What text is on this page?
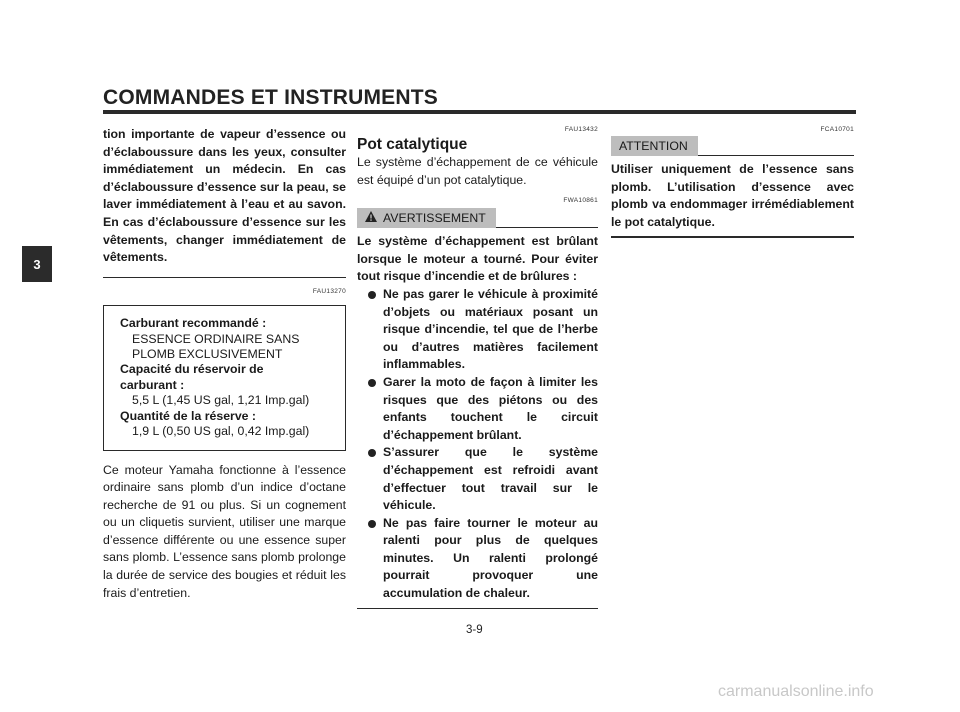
COMMANDES ET INSTRUMENTS
3

tion importante de vapeur d’essence ou d’éclaboussure dans les yeux, consulter immédiatement un médecin. En cas d’éclaboussure d’essence sur la peau, se laver immédiatement à l’eau et au savon. En cas d’éclaboussure d’essence sur les vêtements, changer immédiatement de vêtements.

FAU13270
Carburant recommandé :
ESSENCE ORDINAIRE SANS
PLOMB EXCLUSIVEMENT
Capacité du réservoir de
carburant :
5,5 L (1,45 US gal, 1,21 Imp.gal)
Quantité de la réserve :
1,9 L (0,50 US gal, 0,42 Imp.gal)

Ce moteur Yamaha fonctionne à l’essence ordinaire sans plomb d’un indice d’octane recherche de 91 ou plus. Si un cognement ou un cliquetis survient, utiliser une marque d’essence différente ou une essence super sans plomb. L’essence sans plomb prolonge la durée de service des bougies et réduit les frais d’entretien.

FAU13432
Pot catalytique

Le système d’échappement de ce véhicule est équipé d’un pot catalytique.

FWA10861
AVERTISSEMENT

Le système d’échappement est brûlant lorsque le moteur a tourné. Pour éviter tout risque d’incendie et de brûlures :

Ne pas garer le véhicule à proximité d’objets ou matériaux posant un risque d’incendie, tel que de l’herbe ou d’autres matières facilement inflammables.
Garer la moto de façon à limiter les risques que des piétons ou des enfants touchent le circuit d’échappement brûlant.
S’assurer que le système d’échappement est refroidi avant d’effectuer tout travail sur le véhicule.
Ne pas faire tourner le moteur au ralenti pour plus de quelques minutes. Un ralenti prolongé pourrait provoquer une accumulation de chaleur.
FCA10701
ATTENTION

Utiliser uniquement de l’essence sans plomb. L’utilisation d’essence avec plomb va endommager irrémédiablement le pot catalytique.

3-9
carmanualsonline.info
